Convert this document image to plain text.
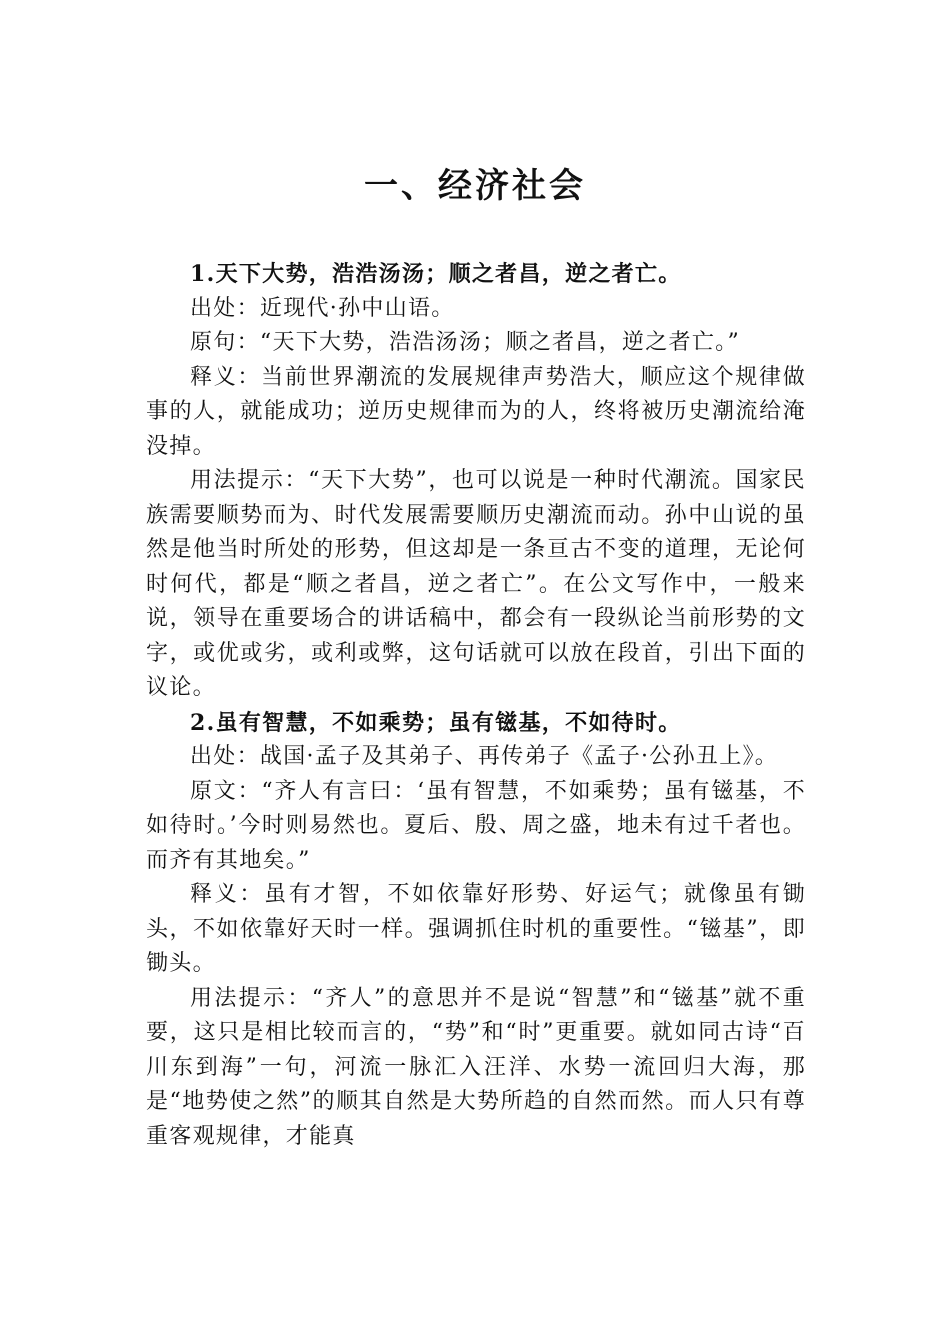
一、经济社会

1.天下大势，浩浩汤汤；顺之者昌，逆之者亡。

出处：近现代·孙中山语。

原句：“天下大势，浩浩汤汤；顺之者昌，逆之者亡。”

释义：当前世界潮流的发展规律声势浩大，顺应这个规律做事的人，就能成功；逆历史规律而为的人，终将被历史潮流给淹没掉。

用法提示：“天下大势”，也可以说是一种时代潮流。国家民族需要顺势而为、时代发展需要顺历史潮流而动。孙中山说的虽然是他当时所处的形势，但这却是一条亘古不变的道理，无论何时何代，都是“顺之者昌，逆之者亡”。在公文写作中，一般来说，领导在重要场合的讲话稿中，都会有一段纵论当前形势的文字，或优或劣，或利或弊，这句话就可以放在段首，引出下面的议论。

2.虽有智慧，不如乘势；虽有镃基，不如待时。

出处：战国·孟子及其弟子、再传弟子《孟子·公孙丑上》。

原文：“齐人有言曰：‘虽有智慧，不如乘势；虽有镃基，不如待时。’今时则易然也。夏后、殷、周之盛，地未有过千者也。而齐有其地矣。”

释义：虽有才智，不如依靠好形势、好运气；就像虽有锄头，不如依靠好天时一样。强调抓住时机的重要性。“镃基”，即锄头。

用法提示：“齐人”的意思并不是说“智慧”和“镃基”就不重要，这只是相比较而言的，“势”和“时”更重要。就如同古诗“百川东到海”一句，河流一脉汇入汪洋、水势一流回归大海，那是“地势使之然”的顺其自然是大势所趋的自然而然。而人只有尊重客观规律，才能真
